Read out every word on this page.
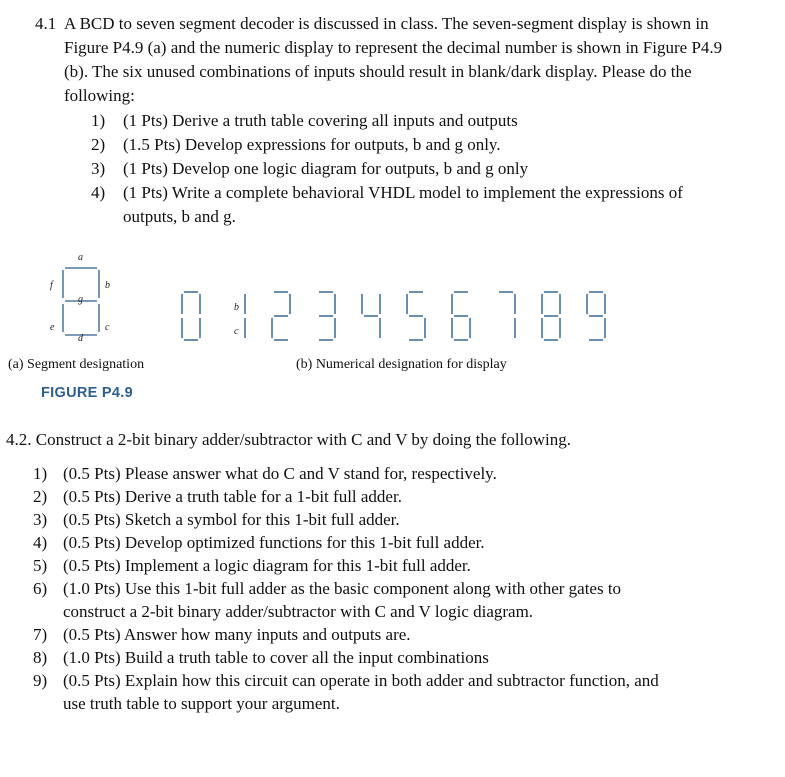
4.1 A BCD to seven segment decoder is discussed in class. The seven-segment display is shown in
Figure P4.9 (a) and the numeric display to represent the decimal number is shown in Figure P4.9
(b). The six unused combinations of inputs should result in blank/dark display. Please do the
following:
1) (1 Pts) Derive a truth table covering all inputs and outputs
2) (1.5 Pts) Develop expressions for outputs, b and g only.
3) (1 Pts) Develop one logic diagram for outputs, b and g only
4) (1 Pts) Write a complete behavioral VHDL model to implement the expressions of
outputs, b and g.
a
b
c
d
e
f
g
b
c
(a) Segment designation	(b) Numerical designation for display
FIGURE P4.9
4.2. Construct a 2-bit binary adder/subtractor with C and V by doing the following.
1) (0.5 Pts) Please answer what do C and V stand for, respectively.
2) (0.5 Pts) Derive a truth table for a 1-bit full adder.
3) (0.5 Pts) Sketch a symbol for this 1-bit full adder.
4) (0.5 Pts) Develop optimized functions for this 1-bit full adder.
5) (0.5 Pts) Implement a logic diagram for this 1-bit full adder.
6) (1.0 Pts) Use this 1-bit full adder as the basic component along with other gates to
construct a 2-bit binary adder/subtractor with C and V logic diagram.
7) (0.5 Pts) Answer how many inputs and outputs are.
8) (1.0 Pts) Build a truth table to cover all the input combinations
9) (0.5 Pts) Explain how this circuit can operate in both adder and subtractor function, and
use truth table to support your argument.
